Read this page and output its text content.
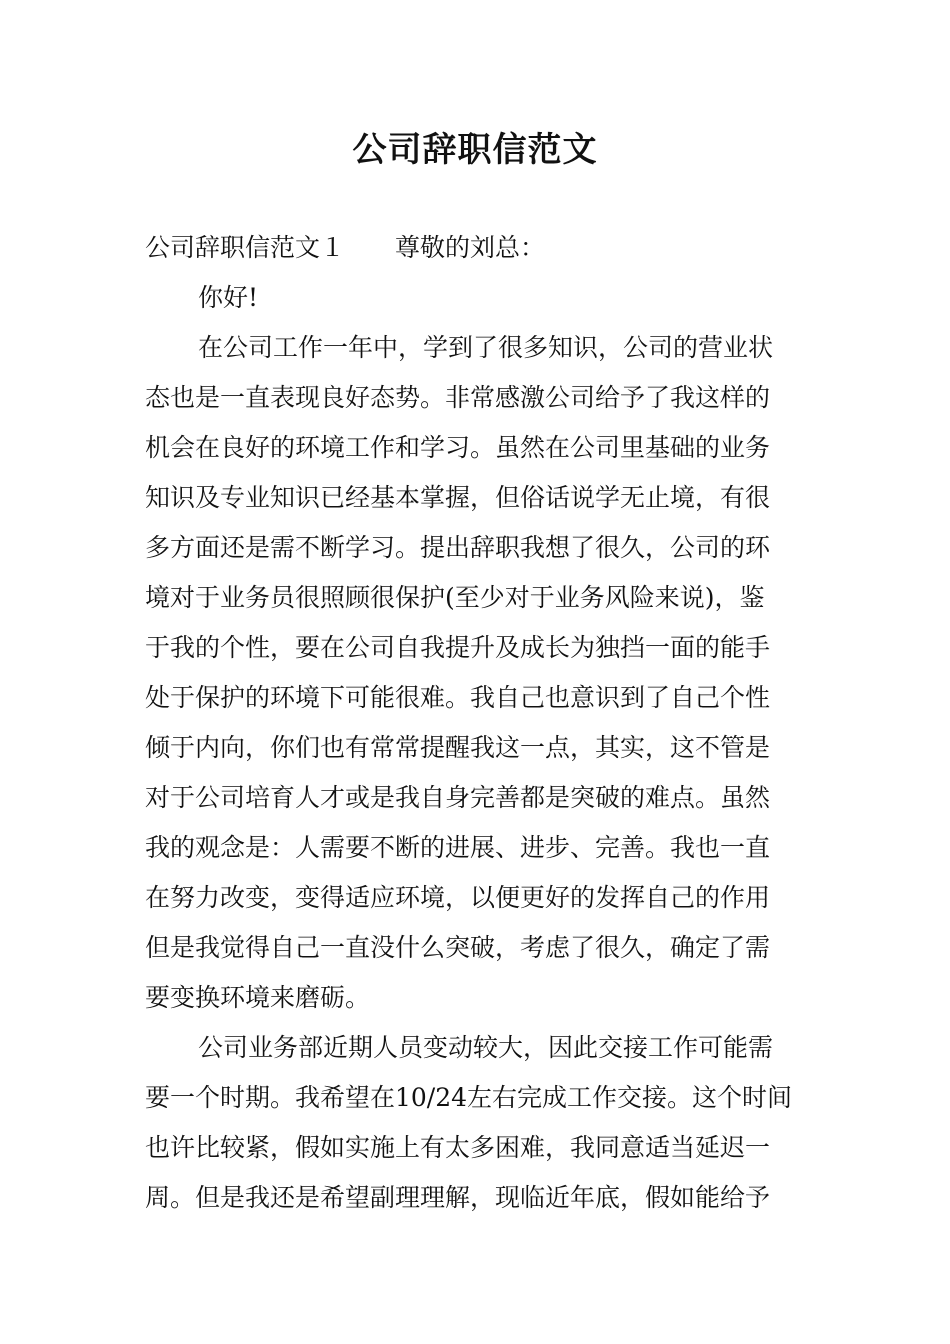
公司辞职信范文
公司辞职信范文１ 尊敬的刘总：
你好!
在公司工作一年中，学到了很多知识，公司的营业状
态也是一直表现良好态势。非常感激公司给予了我这样的
机会在良好的环境工作和学习。虽然在公司里基础的业务
知识及专业知识已经基本掌握，但俗话说学无止境，有很
多方面还是需不断学习。提出辞职我想了很久，公司的环
境对于业务员很照顾很保护(至少对于业务风险来说)，鉴
于我的个性，要在公司自我提升及成长为独挡一面的能手
处于保护的环境下可能很难。我自己也意识到了自己个性
倾于内向，你们也有常常提醒我这一点，其实，这不管是
对于公司培育人才或是我自身完善都是突破的难点。虽然
我的观念是：人需要不断的进展、进步、完善。我也一直
在努力改变，变得适应环境，以便更好的发挥自己的作用
但是我觉得自己一直没什么突破，考虑了很久，确定了需
要变换环境来磨砺。
公司业务部近期人员变动较大，因此交接工作可能需
要一个时期。我希望在10/24左右完成工作交接。这个时间
也许比较紧，假如实施上有太多困难，我同意适当延迟一
周。但是我还是希望副理理解，现临近年底，假如能给予
